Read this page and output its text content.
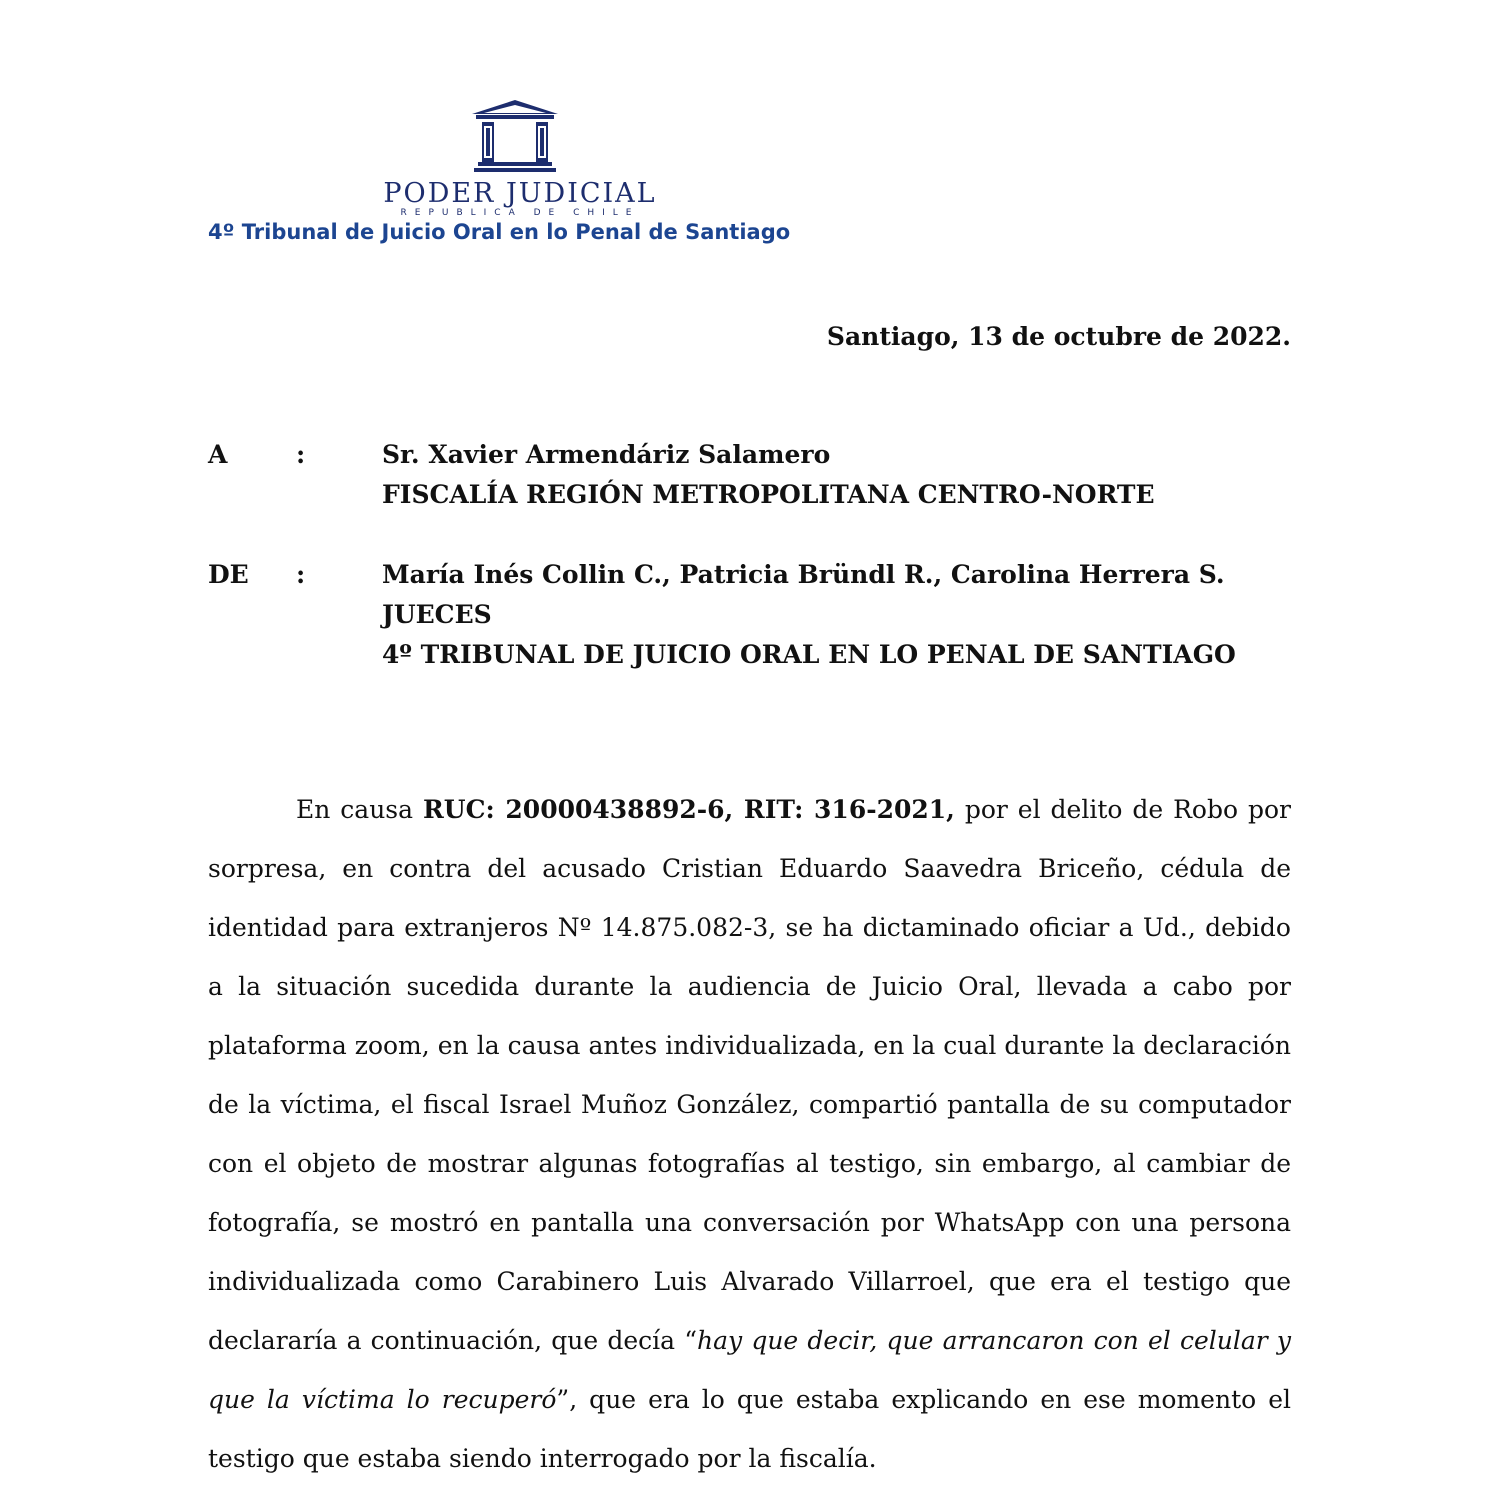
PODER JUDICIAL
REPUBLICA DE CHILE
4º Tribunal de Juicio Oral en lo Penal de Santiago
Santiago, 13 de octubre de 2022.
A	:	Sr. Xavier Armendáriz Salamero
FISCALÍA REGIÓN METROPOLITANA CENTRO-NORTE
DE :	María Inés Collin C., Patricia Bründl R., Carolina Herrera S.
JUECES
4º TRIBUNAL DE JUICIO ORAL EN LO PENAL DE SANTIAGO

En causa RUC: 20000438892-6, RIT: 316-2021, por el delito de Robo por sorpresa, en contra del acusado Cristian Eduardo Saavedra Briceño, cédula de identidad para extranjeros Nº 14.875.082-3, se ha dictaminado oficiar a Ud., debido a la situación sucedida durante la audiencia de Juicio Oral, llevada a cabo por plataforma zoom, en la causa antes individualizada, en la cual durante la declaración de la víctima, el fiscal Israel Muñoz González, compartió pantalla de su computador con el objeto de mostrar algunas fotografías al testigo, sin embargo, al cambiar de fotografía, se mostró en pantalla una conversación por WhatsApp con una persona individualizada como Carabinero Luis Alvarado Villarroel, que era el testigo que declararía a continuación, que decía “hay que decir, que arrancaron con el celular y que la víctima lo recuperó”, que era lo que estaba explicando en ese momento el testigo que estaba siendo interrogado por la fiscalía.
